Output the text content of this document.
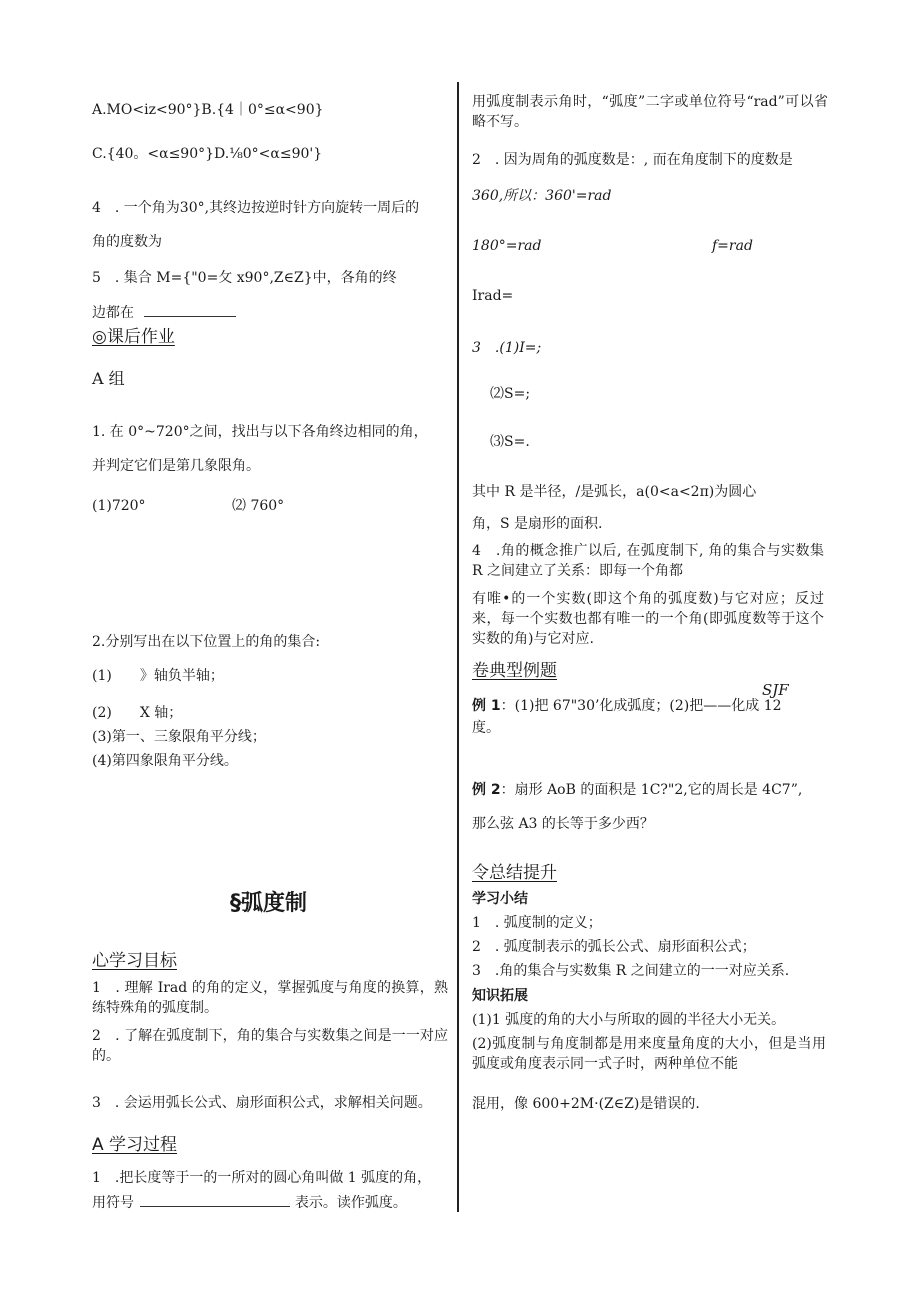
A.MO<iz<90°}B.{4｜0°≤α<90}
C.{40。<α≤90°}D.⅛0°<α≤90'}
4　. 一个角为30°,其终边按逆时针方向旋转一周后的
角的度数为
5　. 集合 M={"0=攵 x90°,Z∈Z}中，各角的终
边都在
◎课后作业
A 组
1. 在 0°~720°之间，找出与以下各角终边相同的角，
并判定它们是第几象限角。
(1)720°	⑵ 760°
2.分别写出在以下位置上的角的集合:
(1)　　》轴负半轴；
(2)　　X 轴；
(3)第一、三象限角平分线；
(4)第四象限角平分线。
§弧度制
心学习目标
1　. 理解 Irad 的角的定义，掌握弧度与角度的换算，熟练特殊角的弧度制。
2　. 了解在弧度制下，角的集合与实数集之间是一一对应的。
3　. 会运用弧长公式、扇形面积公式，求解相关问题。
A 学习过程
1　.把长度等于一的一所对的圆心角叫做 1 弧度的角，
用符号	表示。读作弧度。
用弧度制表示角时，“弧度”二字或单位符号“rad”可以省略不写。
2　. 因为周角的弧度数是：, 而在角度制下的度数是
360,所以：360'=rad
180°=rad	f=rad
Irad=
3　.(1)I=;
⑵S=;
⑶S=.
其中 R 是半径，/是弧长，a(0<a<2π)为圆心
角，S 是扇形的面积.
4　.角的概念推广以后, 在弧度制下, 角的集合与实数集 R 之间建立了关系：即每一个角都
有唯•的一个实数(即这个角的弧度数)与它对应；反过来，每一个实数也都有唯一的一个角(即弧度数等于这个实数的角)与它对应.
卷典型例题
SJF
例 1：(1)把 67"30’化成弧度；(2)把——化成 12
度。
例 2：扇形 AoB 的面积是 1C?"2,它的周长是 4C7”,
那么弦 A3 的长等于多少西？
令总结提升
学习小结
1　. 弧度制的定义；
2　. 弧度制表示的弧长公式、扇形面积公式；
3　.角的集合与实数集 R 之间建立的一一对应关系.
知识拓展
(1)1 弧度的角的大小与所取的圆的半径大小无关。
(2)弧度制与角度制都是用来度量角度的大小，但是当用弧度或角度表示同一式子时，两种单位不能
混用，像 600+2M·(Z∈Z)是错误的.
